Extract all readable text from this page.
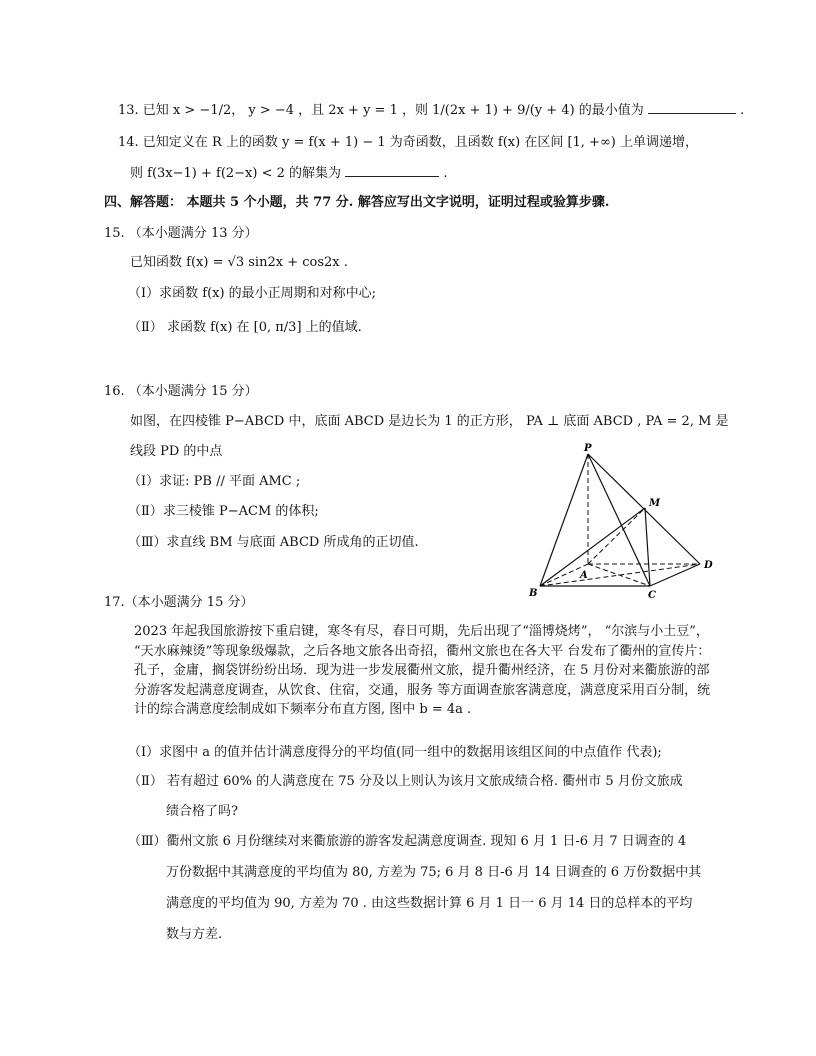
13. 已知 x > −1/2， y > −4 ，且 2x + y = 1 ，则 1/(2x + 1) + 9/(y + 4) 的最小值为	.
14. 已知定义在 R 上的函数 y = f(x + 1) − 1 为奇函数，且函数 f(x) 在区间 [1, +∞) 上单调递增，
则 f(3x−1) + f(2−x) < 2 的解集为	.
四、解答题： 本题共 5 个小题，共 77 分. 解答应写出文字说明，证明过程或验算步骤.
15. （本小题满分 13 分）
已知函数 f(x) = √3 sin2x + cos2x .
（Ⅰ）求函数 f(x) 的最小正周期和对称中心;
（Ⅱ） 求函数 f(x) 在 [0, π/3] 上的值域.
16. （本小题满分 15 分）
如图，在四棱锥 P−ABCD 中，底面 ABCD 是边长为 1 的正方形， PA ⊥ 底面 ABCD , PA = 2, M 是
线段 PD 的中点
（Ⅰ）求证: PB // 平面 AMC ;
（Ⅱ）求三棱锥 P−ACM 的体积;
（Ⅲ）求直线 BM 与底面 ABCD 所成角的正切值.
P
M
A
B	C
D
17.（本小题满分 15 分）
2023 年起我国旅游按下重启键，寒冬有尽，春日可期，先后出现了“淄博烧烤”， “尔滨与小土豆”， “天水麻辣烫”等现象级爆款，之后各地文旅各出奇招，衢州文旅也在各大平 台发布了衢州的宣传片：孔子，金庸，搁袋饼纷纷出场．现为进一步发展衢州文旅，提升衢州经济，在 5 月份对来衢旅游的部分游客发起满意度调查，从饮食、住宿，交通，服务 等方面调查旅客满意度，满意度采用百分制，统计的综合满意度绘制成如下频率分布直方图, 图中 b = 4a .
（Ⅰ）求图中 a 的值并估计满意度得分的平均值(同一组中的数据用该组区间的中点值作 代表);
（Ⅱ） 若有超过 60% 的人满意度在 75 分及以上则认为该月文旅成绩合格. 衢州市 5 月份文旅成
绩合格了吗?
（Ⅲ）衢州文旅 6 月份继续对来衢旅游的游客发起满意度调查. 现知 6 月 1 日-6 月 7 日调查的 4
万份数据中其满意度的平均值为 80, 方差为 75; 6 月 8 日-6 月 14 日调查的 6 万份数据中其
满意度的平均值为 90, 方差为 70 . 由这些数据计算 6 月 1 日一 6 月 14 日的总样本的平均
数与方差.
